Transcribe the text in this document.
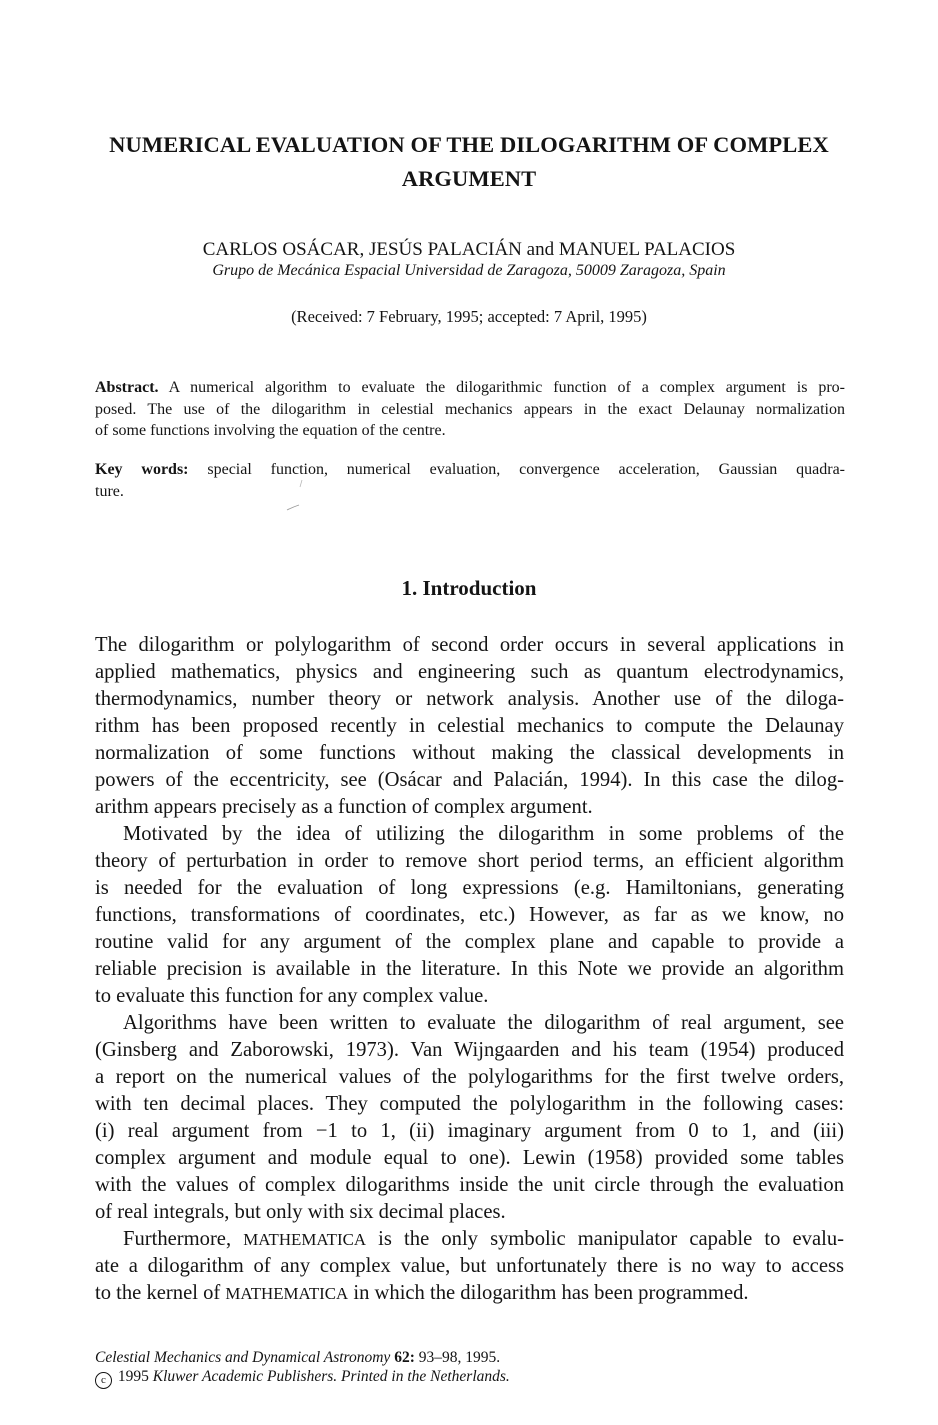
NUMERICAL EVALUATION OF THE DILOGARITHM OF COMPLEX
ARGUMENT
CARLOS OSÁCAR, JESÚS PALACIÁN and MANUEL PALACIOS
Grupo de Mecánica Espacial Universidad de Zaragoza, 50009 Zaragoza, Spain
(Received: 7 February, 1995; accepted: 7 April, 1995)
Abstract. A numerical algorithm to evaluate the dilogarithmic function of a complex argument is pro-
posed. The use of the dilogarithm in celestial mechanics appears in the exact Delaunay normalization
of some functions involving the equation of the centre.
Key words: special function, numerical evaluation, convergence acceleration, Gaussian quadra-
ture.
1. Introduction
The dilogarithm or polylogarithm of second order occurs in several applications in
applied mathematics, physics and engineering such as quantum electrodynamics,
thermodynamics, number theory or network analysis. Another use of the diloga-
rithm has been proposed recently in celestial mechanics to compute the Delaunay
normalization of some functions without making the classical developments in
powers of the eccentricity, see (Osácar and Palacián, 1994). In this case the dilog-
arithm appears precisely as a function of complex argument.
Motivated by the idea of utilizing the dilogarithm in some problems of the
theory of perturbation in order to remove short period terms, an efficient algorithm
is needed for the evaluation of long expressions (e.g. Hamiltonians, generating
functions, transformations of coordinates, etc.) However, as far as we know, no
routine valid for any argument of the complex plane and capable to provide a
reliable precision is available in the literature. In this Note we provide an algorithm
to evaluate this function for any complex value.
Algorithms have been written to evaluate the dilogarithm of real argument, see
(Ginsberg and Zaborowski, 1973). Van Wijngaarden and his team (1954) produced
a report on the numerical values of the polylogarithms for the first twelve orders,
with ten decimal places. They computed the polylogarithm in the following cases:
(i) real argument from −1 to 1, (ii) imaginary argument from 0 to 1, and (iii)
complex argument and module equal to one). Lewin (1958) provided some tables
with the values of complex dilogarithms inside the unit circle through the evaluation
of real integrals, but only with six decimal places.
Furthermore, MATHEMATICA is the only symbolic manipulator capable to evalu-
ate a dilogarithm of any complex value, but unfortunately there is no way to access
to the kernel of MATHEMATICA in which the dilogarithm has been programmed.
Celestial Mechanics and Dynamical Astronomy 62: 93–98, 1995.
c 1995 Kluwer Academic Publishers. Printed in the Netherlands.
